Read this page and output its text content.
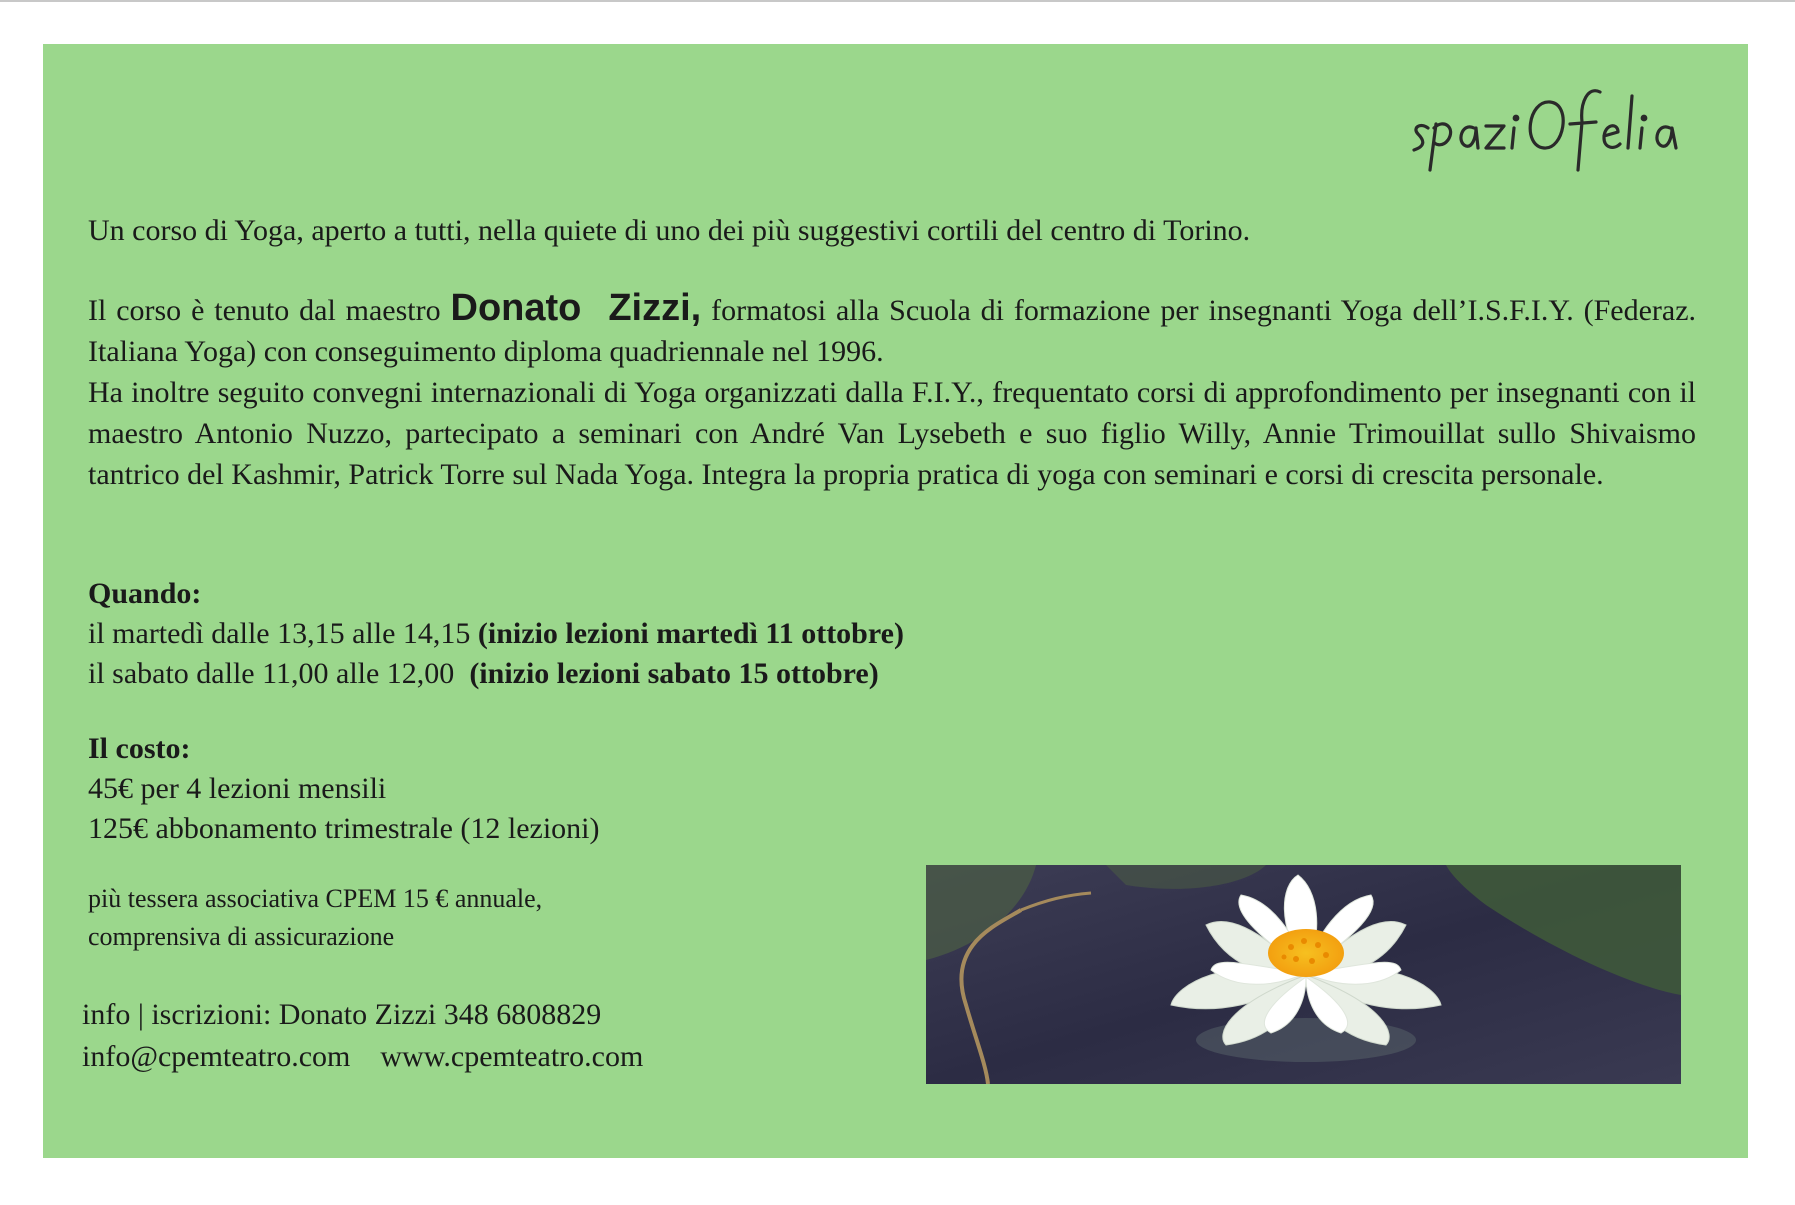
Un corso di Yoga, aperto a tutti, nella quiete di uno dei più suggestivi cortili del centro di Torino.

Il corso è tenuto dal maestro Donato Zizzi, formatosi alla Scuola di formazione per insegnanti Yoga dell’I.S.F.I.Y. (Federaz. Italiana Yoga) con conseguimento diploma quadriennale nel 1996.
Ha inoltre seguito convegni internazionali di Yoga organizzati dalla F.I.Y., frequentato corsi di approfondimento per insegnanti con il maestro Antonio Nuzzo, partecipato a seminari con André Van Lysebeth e suo figlio Willy, Annie Trimouillat sullo Shivaismo tantrico del Kashmir, Patrick Torre sul Nada Yoga. Integra la propria pratica di yoga con seminari e corsi di crescita personale.
Quando:
il martedì dalle 13,15 alle 14,15 (inizio lezioni martedì 11 ottobre)
il sabato dalle 11,00 alle 12,00 (inizio lezioni sabato 15 ottobre)
Il costo:
45€ per 4 lezioni mensili
125€ abbonamento trimestrale (12 lezioni)
più tessera associativa CPEM 15 € annuale,
comprensiva di assicurazione
info | iscrizioni: Donato Zizzi 348 6808829
info@cpemteatro.com www.cpemteatro.com
